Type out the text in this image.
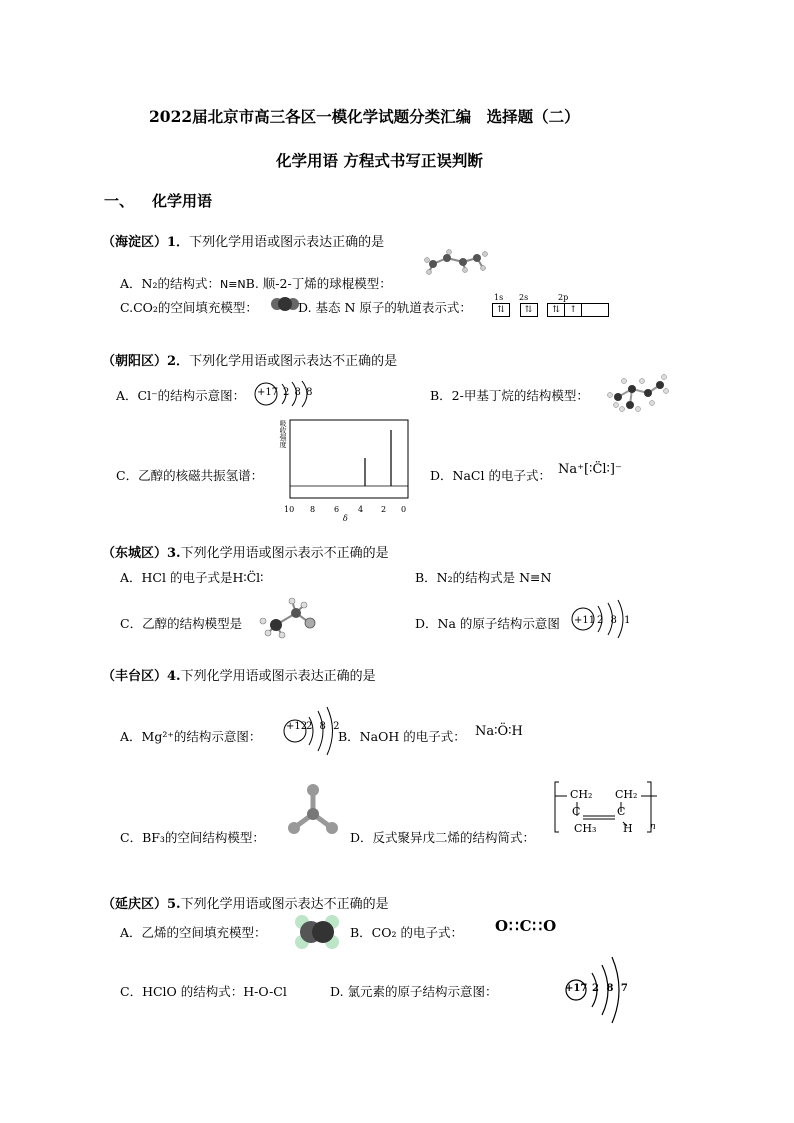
2022届北京市高三各区一模化学试题分类汇编　选择题（二）
化学用语 方程式书写正误判断
一、 化学用语
（海淀区）1．下列化学用语或图示表达正确的是
A．N₂的结构式：N≡NB. 顺-2-丁烯的球棍模型：
C.CO₂的空间填充模型：	D. 基态 N 原子的轨道表示式：
1s 2s	2p
⇅ ⇅ ⇅ ↑
（朝阳区）2．下列化学用语或图示表达不正确的是
A．Cl⁻的结构示意图： +17 2 8 8	B．2-甲基丁烷的结构模型：
C．乙醇的核磁共振氢谱：
吸收强度
10 8 6 4 2 0
δ
D．NaCl 的电子式： Na⁺[∶C̈l∶]⁻
（东城区）3.下列化学用语或图示表示不正确的是
A．HCl 的电子式是H∶C̈l∶	B．N₂的结构式是 N≡N
C．乙醇的结构模型是	D．Na 的原子结构示意图 +11 2 8 1
（丰台区）4.下列化学用语或图示表达正确的是
A．Mg²⁺的结构示意图：
+12
2 8 2
B．NaOH 的电子式： Na∶Ö∶H
C．BF₃的空间结构模型：	D．反式聚异戊二烯的结构简式：
CH₂ CH₂
CH₃
C	C
H n
（延庆区）5.下列化学用语或图示表达不正确的是
A．乙烯的空间填充模型：	B．CO₂ 的电子式： O∷C∷O
C．HClO 的结构式：H-O-Cl	D. 氯元素的原子结构示意图：	+17 2 8 7
